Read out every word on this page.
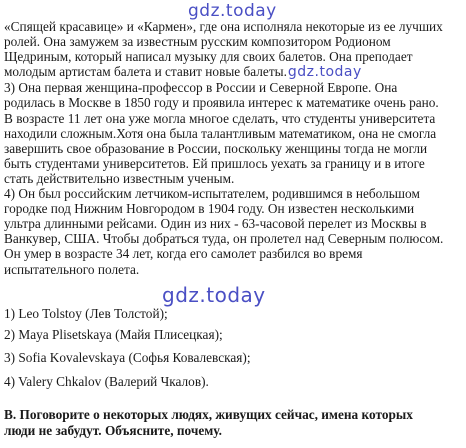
gdz.today
«Спящей красавице» и «Кармен», где она исполняла некоторые из ее лучших
ролей. Она замужем за известным русским композитором Родионом
Щедриным, который написал музыку для своих балетов. Она преподает
молодым артистам балета и ставит новые балеты.gdz.today
3) Она первая женщина-профессор в России и Северной Европе. Она
родилась в Москве в 1850 году и проявила интерес к математике очень рано.
В возрасте 11 лет она уже могла многое сделать, что студенты университета
находили сложным.Хотя она была талантливым математиком, она не смогла
завершить свое образование в России, поскольку женщины тогда не могли
быть студентами университетов. Ей пришлось уехать за границу и в итоге
стать действительно известным ученым.
4) Он был российским летчиком-испытателем, родившимся в небольшом
городке под Нижним Новгородом в 1904 году. Он известен несколькими
ультра длинными рейсами. Один из них - 63-часовой перелет из Москвы в
Ванкувер, США. Чтобы добраться туда, он пролетел над Северным полюсом.
Он умер в возрасте 34 лет, когда его самолет разбился во время
испытательного полета.
gdz.today
1) Leo Tolstoy (Лев Толстой);
2) Maya Plisetskaya (Майя Плисецкая);
3) Sofia Kovalevskaya (Софья Ковалевская);
4) Valery Chkalov (Валерий Чкалов).
B. Поговорите о некоторых людях, живущих сейчас, имена которых
люди не забудут. Объясните, почему.
